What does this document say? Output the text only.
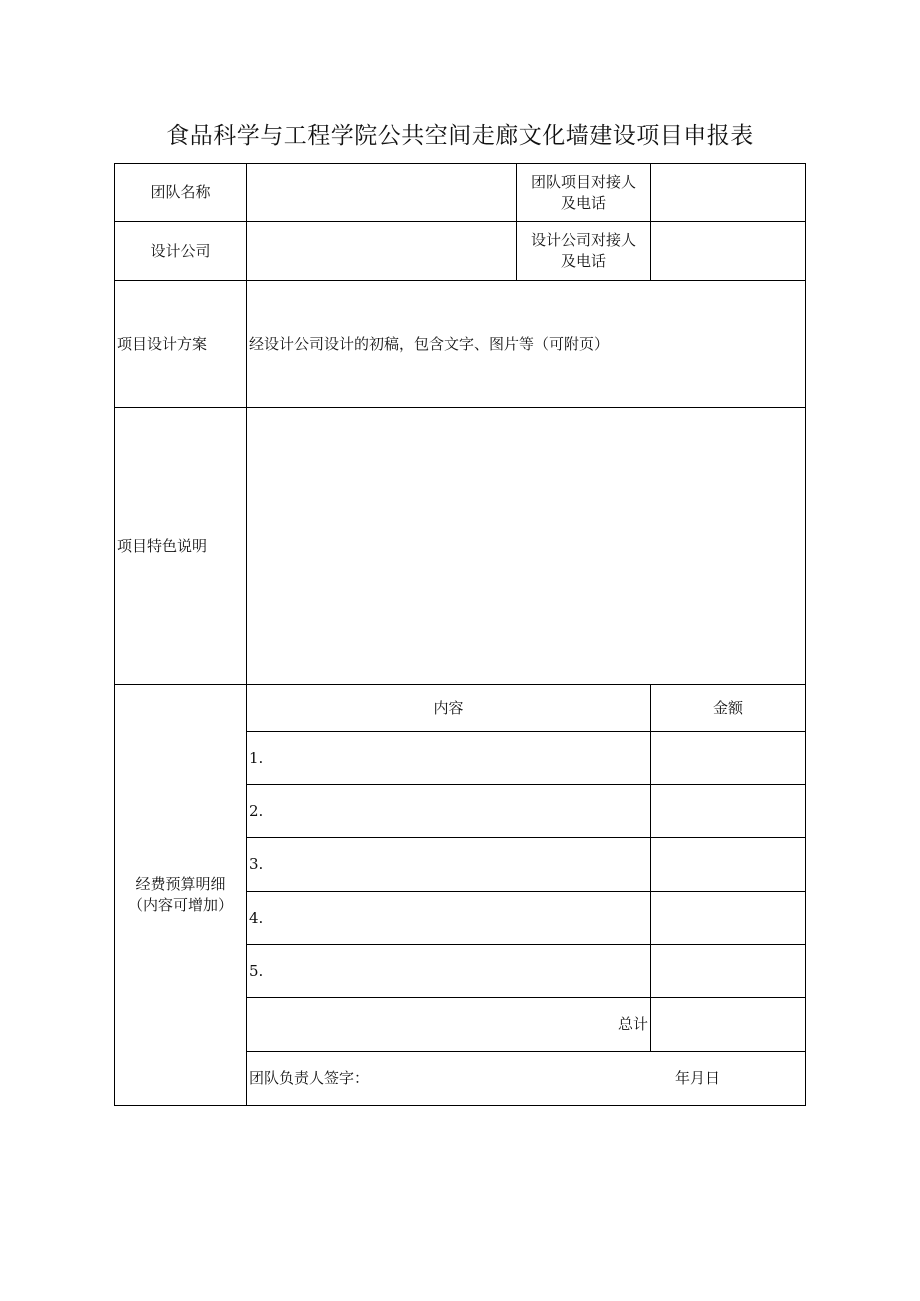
食品科学与工程学院公共空间走廊文化墙建设项目申报表
团队名称		团队项目对接人
及电话	

设计公司		设计公司对接人
及电话	

项目设计方案	经设计公司设计的初稿，包含文字、图片等（可附页）		
项目特色说明			

经费预算明细
（内容可增加）	内容		金额
	1.		
	2.		
	3.		
	4.		
	5.		
	总计		
	团队负责人签字： 年月日		
